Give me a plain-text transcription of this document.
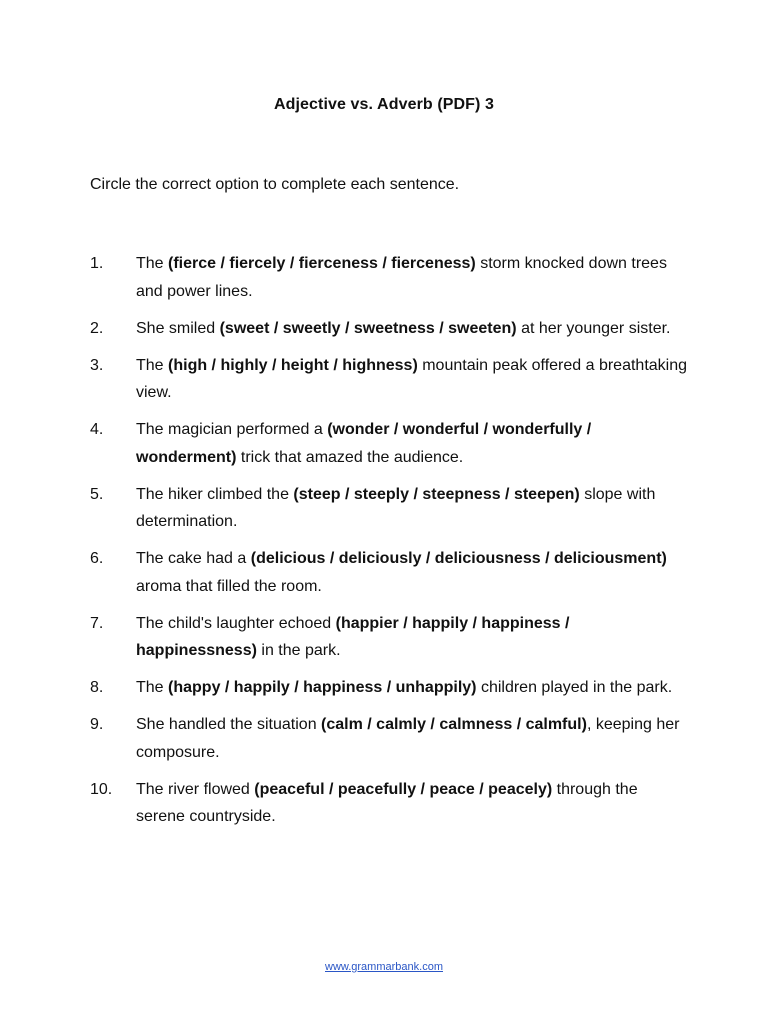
Adjective vs. Adverb (PDF) 3
Circle the correct option to complete each sentence.
1. The (fierce / fiercely / fierceness / fierceness) storm knocked down trees and power lines.
2. She smiled (sweet / sweetly / sweetness / sweeten) at her younger sister.
3. The (high / highly / height / highness) mountain peak offered a breathtaking view.
4. The magician performed a (wonder / wonderful / wonderfully / wonderment) trick that amazed the audience.
5. The hiker climbed the (steep / steeply / steepness / steepen) slope with determination.
6. The cake had a (delicious / deliciously / deliciousness / deliciousment) aroma that filled the room.
7. The child's laughter echoed (happier / happily / happiness / happinessness) in the park.
8. The (happy / happily / happiness / unhappily) children played in the park.
9. She handled the situation (calm / calmly / calmness / calmful), keeping her composure.
10. The river flowed (peaceful / peacefully / peace / peacely) through the serene countryside.
www.grammarbank.com
